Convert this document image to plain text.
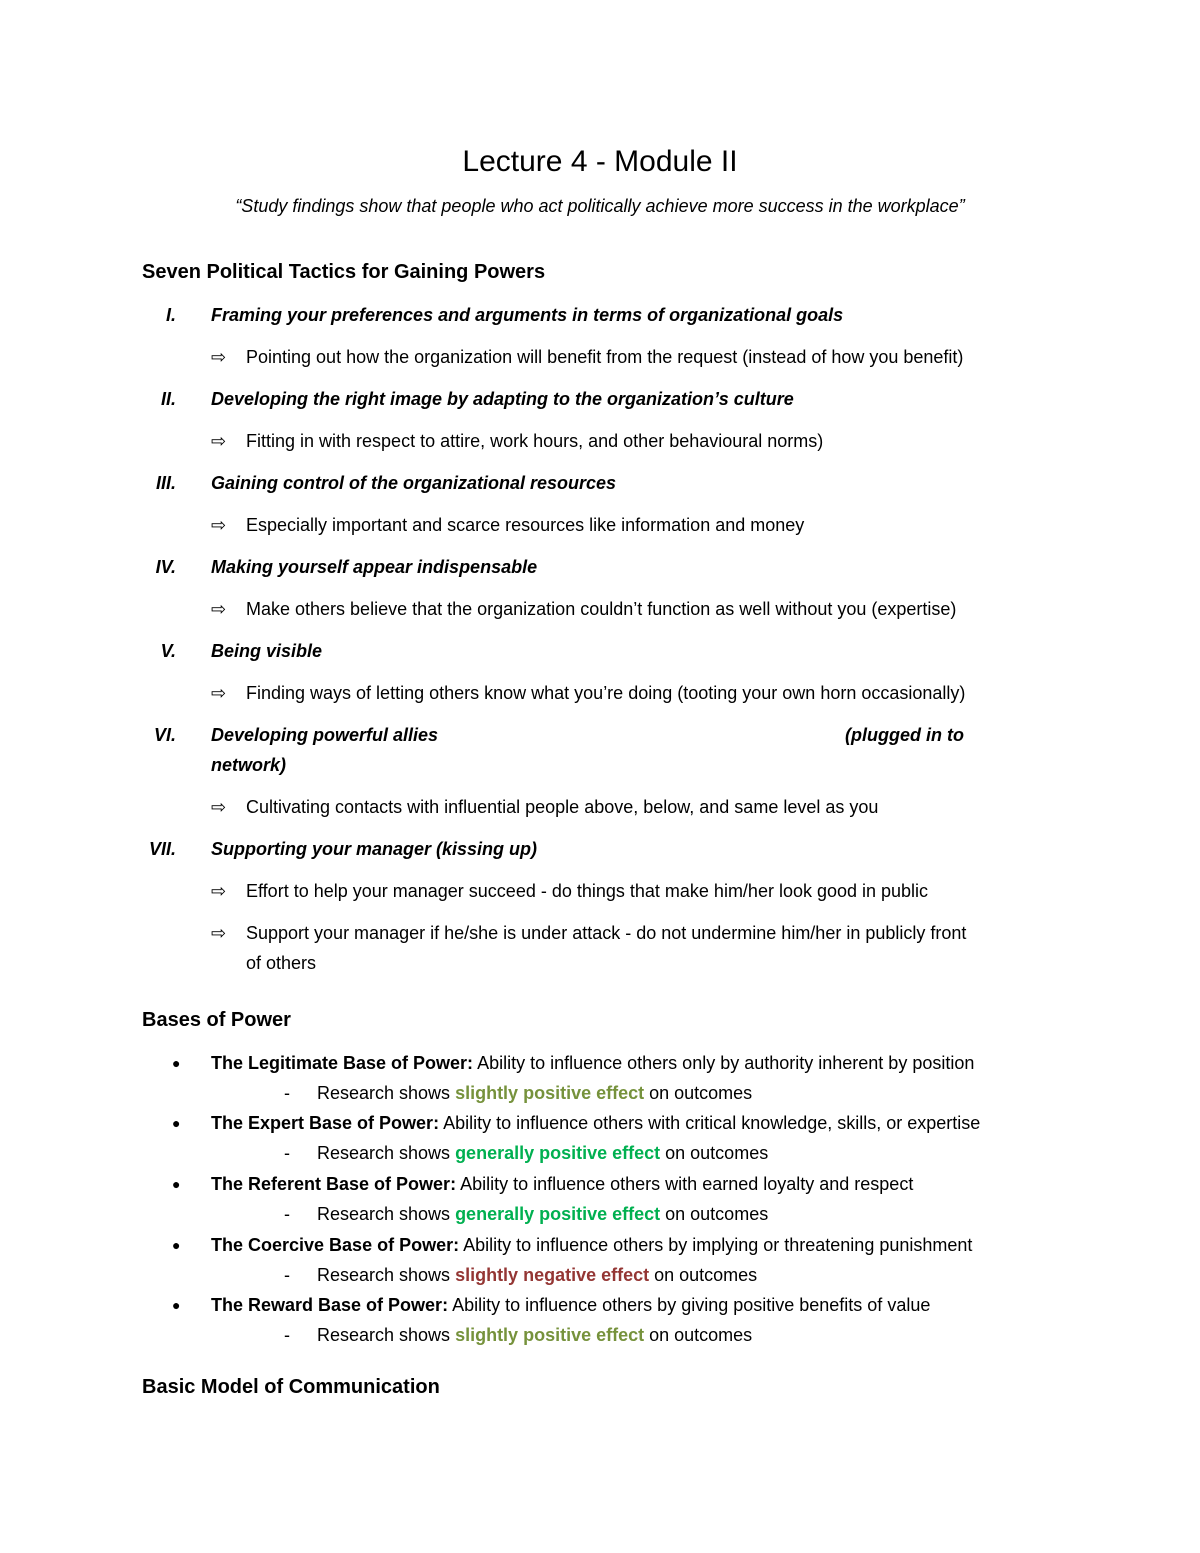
Lecture 4 - Module II
“Study findings show that people who act politically achieve more success in the workplace”
Seven Political Tactics for Gaining Powers
I. Framing your preferences and arguments in terms of organizational goals
⇨ Pointing out how the organization will benefit from the request (instead of how you benefit)
II. Developing the right image by adapting to the organization’s culture
⇨ Fitting in with respect to attire, work hours, and other behavioural norms)
III. Gaining control of the organizational resources
⇨ Especially important and scarce resources like information and money
IV. Making yourself appear indispensable
⇨ Make others believe that the organization couldn’t function as well without you (expertise)
V. Being visible
⇨ Finding ways of letting others know what you’re doing (tooting your own horn occasionally)
VI. Developing powerful allies	(plugged in to
network)
⇨ Cultivating contacts with influential people above, below, and same level as you
VII. Supporting your manager (kissing up)
⇨ Effort to help your manager succeed - do things that make him/her look good in public
⇨ Support your manager if he/she is under attack - do not undermine him/her in publicly front
of others
Bases of Power
● The Legitimate Base of Power: Ability to influence others only by authority inherent by position
- Research shows slightly positive effect on outcomes
● The Expert Base of Power: Ability to influence others with critical knowledge, skills, or expertise
- Research shows generally positive effect on outcomes
● The Referent Base of Power: Ability to influence others with earned loyalty and respect
- Research shows generally positive effect on outcomes
● The Coercive Base of Power: Ability to influence others by implying or threatening punishment
- Research shows slightly negative effect on outcomes
● The Reward Base of Power: Ability to influence others by giving positive benefits of value
- Research shows slightly positive effect on outcomes
Basic Model of Communication
